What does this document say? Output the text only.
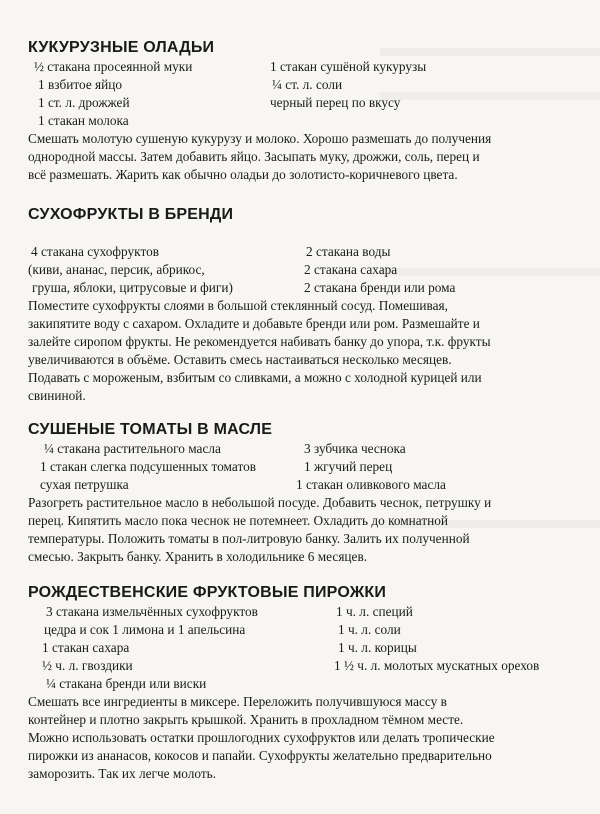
КУКУРУЗНЫЕ ОЛАДЬИ
½ стакана просеянной муки	1 стакан сушёной кукурузы
1 взбитое яйцо	¼ ст. л. соли
1 ст. л. дрожжей	черный перец по вкусу
1 стакан молока

Смешать молотую сушеную кукурузу и молоко. Хорошо размешать до получения

однородной массы. Затем добавить яйцо. Засыпать муку, дрожжи, соль, перец и

всё размешать. Жарить как обычно оладьи до золотисто-коричневого цвета.

СУХОФРУКТЫ В БРЕНДИ
4 стакана сухофруктов	2 стакана воды
(киви, ананас, персик, абрикос,	2 стакана сахара
груша, яблоки, цитрусовые и фиги)	2 стакана бренди или рома

Поместите сухофрукты слоями в большой стеклянный сосуд. Помешивая,

закипятите воду с сахаром. Охладите и добавьте бренди или ром. Размешайте и

залейте сиропом фрукты. Не рекомендуется набивать банку до упора, т.к. фрукты

увеличиваются в объёме. Оставить смесь настаиваться несколько месяцев.

Подавать с мороженым, взбитым со сливками, а можно с холодной курицей или

свининой.

СУШЕНЫЕ ТОМАТЫ В МАСЛЕ
¼ стакана растительного масла	3 зубчика чеснока
1 стакан слегка подсушенных томатов	1 жгучий перец
сухая петрушка	1 стакан оливкового масла

Разогреть растительное масло в небольшой посуде. Добавить чеснок, петрушку и

перец. Кипятить масло пока чеснок не потемнеет. Охладить до комнатной

температуры. Положить томаты в пол-литровую банку. Залить их полученной

смесью. Закрыть банку. Хранить в холодильнике 6 месяцев.

РОЖДЕСТВЕНСКИЕ ФРУКТОВЫЕ ПИРОЖКИ
3 стакана измельчённых сухофруктов	1 ч. л. специй
цедра и сок 1 лимона и 1 апельсина	1 ч. л. соли
1 стакан сахара	1 ч. л. корицы
½ ч. л. гвоздики	1 ½ ч. л. молотых мускатных орехов
¼ стакана бренди или виски

Смешать все ингредиенты в миксере. Переложить получившуюся массу в

контейнер и плотно закрыть крышкой. Хранить в прохладном тёмном месте.

Можно использовать остатки прошлогодних сухофруктов или делать тропические

пирожки из ананасов, кокосов и папайи. Сухофрукты желательно предварительно

заморозить. Так их легче молоть.
